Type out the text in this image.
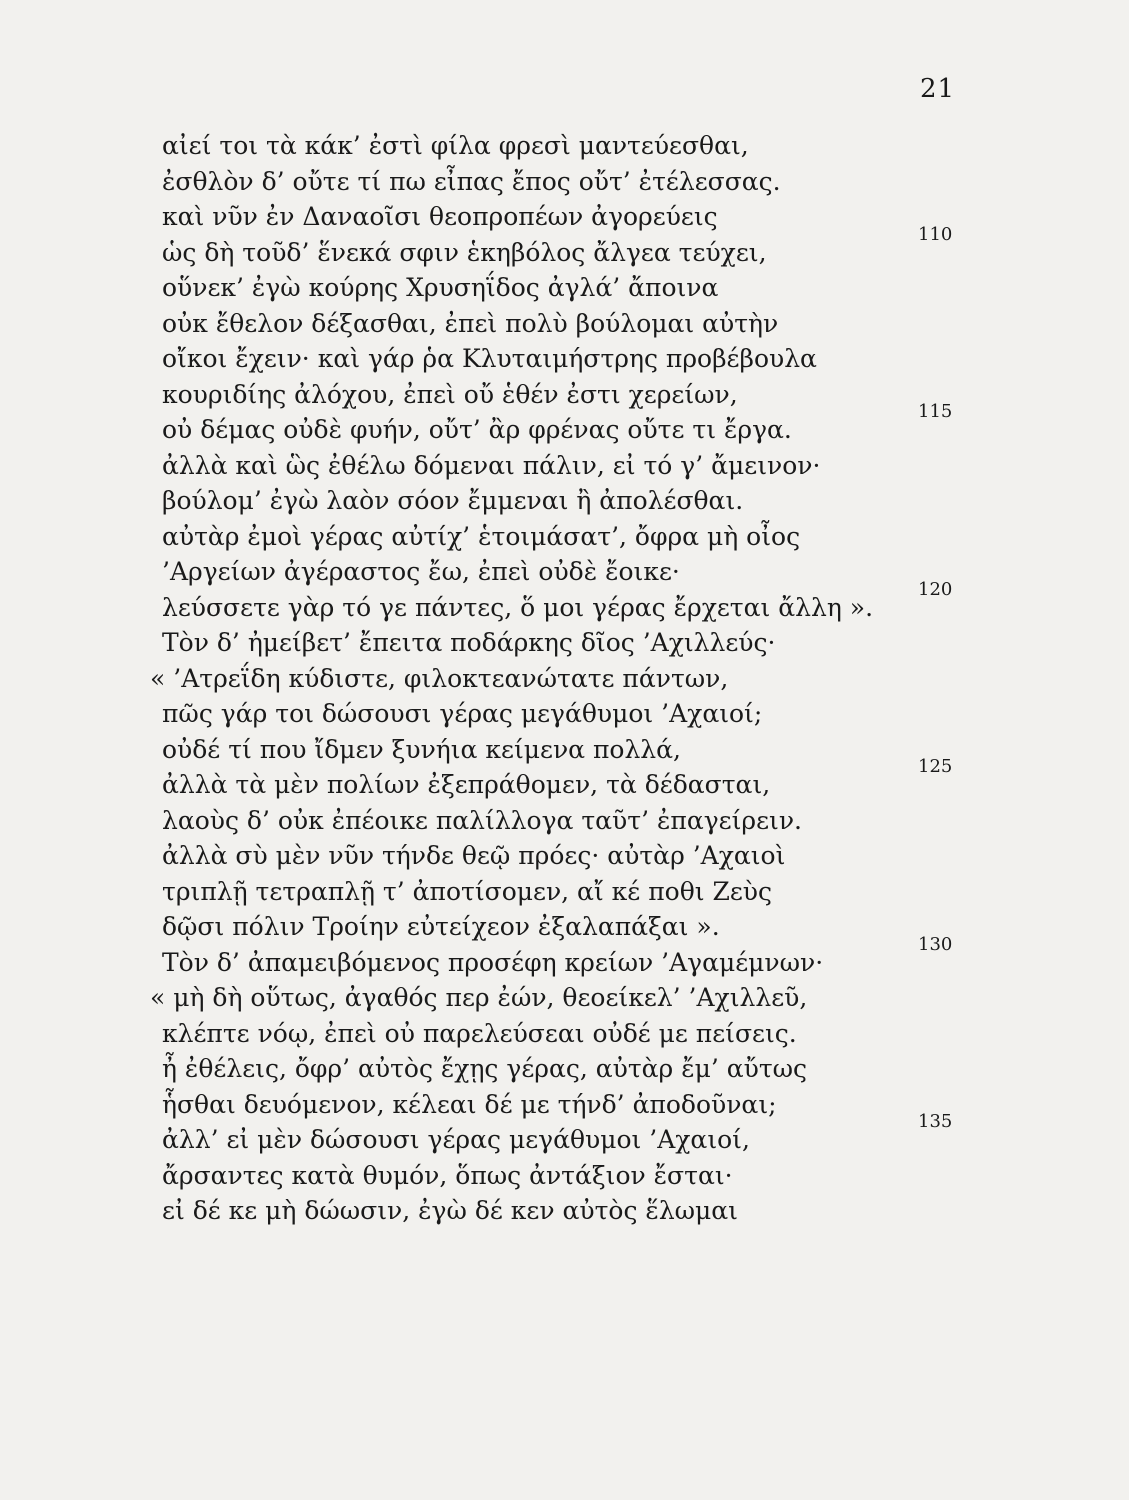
21
αἰεί τοι τὰ κάκ’ ἐστὶ φίλα φρεσὶ μαντεύεσθαι,
ἐσθλὸν δ’ οὔτε τί πω εἶπας ἔπος οὔτ’ ἐτέλεσσας.
καὶ νῦν ἐν Δαναοῖσι θεοπροπέων ἀγορεύεις
ὡς δὴ τοῦδ’ ἕνεκά σφιν ἑκηβόλος ἄλγεα τεύχει,
110
οὕνεκ’ ἐγὼ κούρης Χρυσηΐδος ἀγλά’ ἄποινα
οὐκ ἔθελον δέξασθαι, ἐπεὶ πολὺ βούλομαι αὐτὴν
οἴκοι ἔχειν· καὶ γάρ ῥα Κλυταιμήστρης προβέβουλα
κουριδίης ἀλόχου, ἐπεὶ οὔ ἑθέν ἐστι χερείων,
οὐ δέμας οὐδὲ φυήν, οὔτ’ ἂρ φρένας οὔτε τι ἔργα.
115
ἀλλὰ καὶ ὣς ἐθέλω δόμεναι πάλιν, εἰ τό γ’ ἄμεινον·
βούλομ’ ἐγὼ λαὸν σόον ἔμμεναι ἢ ἀπολέσθαι.
αὐτὰρ ἐμοὶ γέρας αὐτίχ’ ἑτοιμάσατ’, ὄφρα μὴ οἶος
’Αργείων ἀγέραστος ἔω, ἐπεὶ οὐδὲ ἔοικε·
λεύσσετε γὰρ τό γε πάντες, ὅ μοι γέρας ἔρχεται ἄλλη ».
120
Τὸν δ’ ἠμείβετ’ ἔπειτα ποδάρκης δῖος ’Αχιλλεύς·
« ’Ατρεΐδη κύδιστε, φιλοκτεανώτατε πάντων,
πῶς γάρ τοι δώσουσι γέρας μεγάθυμοι ’Αχαιοί;
οὐδέ τί που ἴδμεν ξυνήια κείμενα πολλά,
ἀλλὰ τὰ μὲν πολίων ἐξεπράθομεν, τὰ δέδασται,
125
λαοὺς δ’ οὐκ ἐπέοικε παλίλλογα ταῦτ’ ἐπαγείρειν.
ἀλλὰ σὺ μὲν νῦν τήνδε θεῷ πρόες· αὐτὰρ ’Αχαιοὶ
τριπλῇ τετραπλῇ τ’ ἀποτίσομεν, αἴ κέ ποθι Ζεὺς
δῷσι πόλιν Τροίην εὐτείχεον ἐξαλαπάξαι ».
Τὸν δ’ ἀπαμειβόμενος προσέφη κρείων ’Αγαμέμνων·
130
« μὴ δὴ οὕτως, ἀγαθός περ ἐών, θεοείκελ’ ’Αχιλλεῦ,
κλέπτε νόῳ, ἐπεὶ οὐ παρελεύσεαι οὐδέ με πείσεις.
ἦ ἐθέλεις, ὄφρ’ αὐτὸς ἔχῃς γέρας, αὐτὰρ ἔμ’ αὔτως
ἧσθαι δευόμενον, κέλεαι δέ με τήνδ’ ἀποδοῦναι;
ἀλλ’ εἰ μὲν δώσουσι γέρας μεγάθυμοι ’Αχαιοί,
135
ἄρσαντες κατὰ θυμόν, ὅπως ἀντάξιον ἔσται·
εἰ δέ κε μὴ δώωσιν, ἐγὼ δέ κεν αὐτὸς ἕλωμαι
